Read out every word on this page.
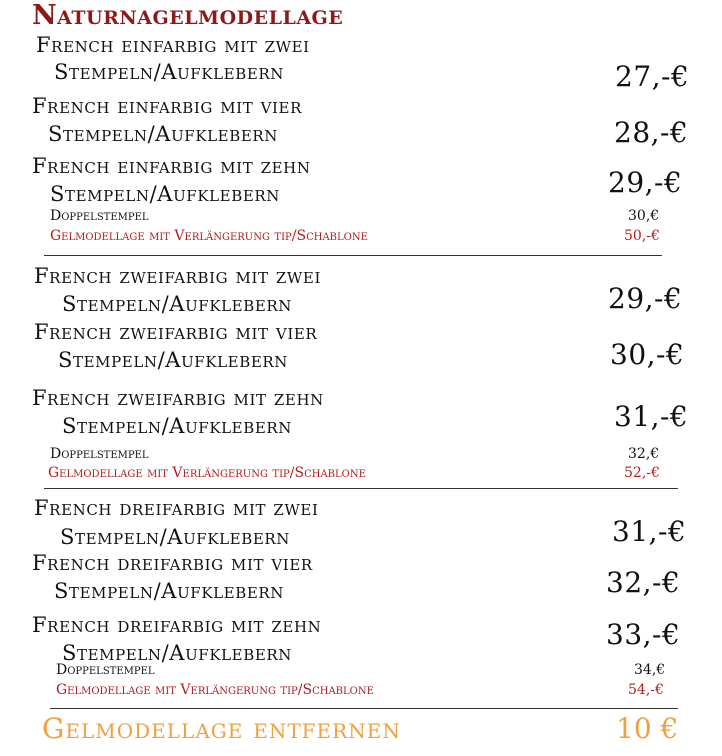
Naturnagelmodellage
French einfarbig mit zwei
Stempeln/Aufklebern	27,-€
French einfarbig mit vier
Stempeln/Aufklebern	28,-€
French einfarbig mit zehn
Stempeln/Aufklebern	29,-€
Doppelstempel	30,€
Gelmodellage mit Verlängerung tip/Schablone	50,-€
French zweifarbig mit zwei
Stempeln/Aufklebern	29,-€
French zweifarbig mit vier
Stempeln/Aufklebern	30,-€
French zweifarbig mit zehn
Stempeln/Aufklebern	31,-€
Doppelstempel	32,€
Gelmodellage mit Verlängerung tip/Schablone	52,-€
French dreifarbig mit zwei
Stempeln/Aufklebern	31,-€
French dreifarbig mit vier
Stempeln/Aufklebern	32,-€
French dreifarbig mit zehn
Stempeln/Aufklebern
33,-€
Doppelstempel	34,€
Gelmodellage mit Verlängerung tip/Schablone	54,-€
Gelmodellage entfernen	10 €
